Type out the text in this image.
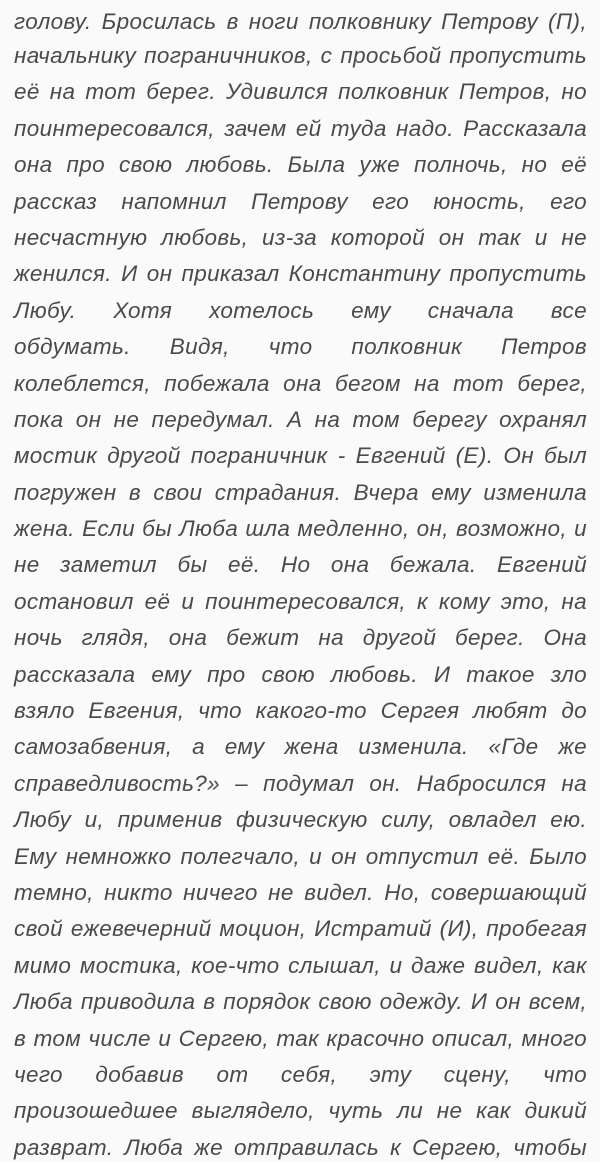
голову. Бросилась в ноги полковнику Петрову (П),
начальнику пограничников, с просьбой пропустить
её на тот берег. Удивился полковник Петров, но
поинтересовался, зачем ей туда надо. Рассказала
она про свою любовь. Была уже полночь, но её
рассказ напомнил Петрову его юность, его
несчастную любовь, из-за которой он так и не
женился. И он приказал Константину пропустить
Любу. Хотя хотелось ему сначала все
обдумать. Видя, что полковник Петров
колеблется, побежала она бегом на тот берег,
пока он не передумал. А на том берегу охранял
мостик другой пограничник - Евгений (Е). Он был
погружен в свои страдания. Вчера ему изменила
жена. Если бы Люба шла медленно, он, возможно, и
не заметил бы её. Но она бежала. Евгений
остановил её и поинтересовался, к кому это, на
ночь глядя, она бежит на другой берег. Она
рассказала ему про свою любовь. И такое зло
взяло Евгения, что какого-то Сергея любят до
самозабвения, а ему жена изменила. «Где же
справедливость?» – подумал он. Набросился на
Любу и, применив физическую силу, овладел ею.
Ему немножко полегчало, и он отпустил её. Было
темно, никто ничего не видел. Но, совершающий
свой ежевечерний моцион, Истратий (И), пробегая
мимо мостика, кое-что слышал, и даже видел, как
Люба приводила в порядок свою одежду. И он всем,
в том числе и Сергею, так красочно описал, много
чего добавив от себя, эту сцену, что
произошедшее выглядело, чуть ли не как дикий
разврат. Люба же отправилась к Сергею, чтобы
